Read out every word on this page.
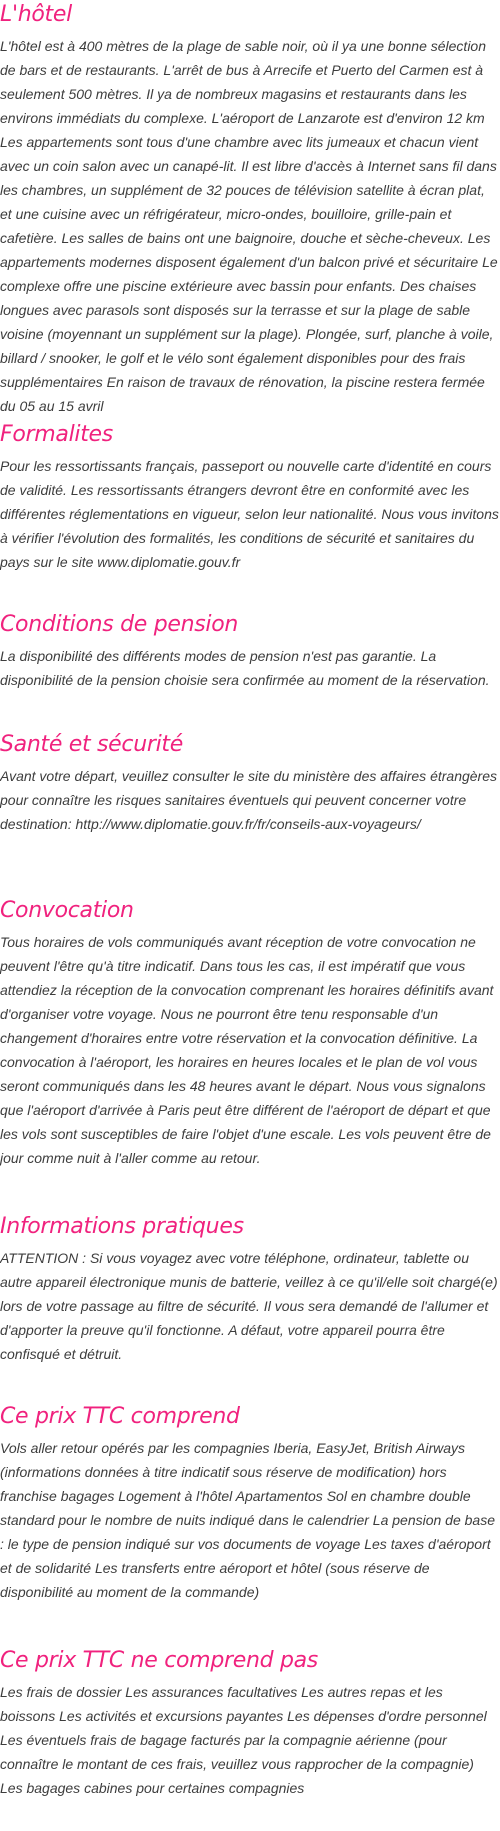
L'hôtel

L'hôtel est à 400 mètres de la plage de sable noir, où il ya une bonne sélection de bars et de restaurants. L'arrêt de bus à Arrecife et Puerto del Carmen est à seulement 500 mètres. Il ya de nombreux magasins et restaurants dans les environs immédiats du complexe. L'aéroport de Lanzarote est d'environ 12 km Les appartements sont tous d'une chambre avec lits jumeaux et chacun vient avec un coin salon avec un canapé-lit. Il est libre d'accès à Internet sans fil dans les chambres, un supplément de 32 pouces de télévision satellite à écran plat, et une cuisine avec un réfrigérateur, micro-ondes, bouilloire, grille-pain et cafetière. Les salles de bains ont une baignoire, douche et sèche-cheveux. Les appartements modernes disposent également d'un balcon privé et sécuritaire Le complexe offre une piscine extérieure avec bassin pour enfants. Des chaises longues avec parasols sont disposés sur la terrasse et sur la plage de sable voisine (moyennant un supplément sur la plage). Plongée, surf, planche à voile, billard / snooker, le golf et le vélo sont également disponibles pour des frais supplémentaires En raison de travaux de rénovation, la piscine restera fermée du 05 au 15 avril

Formalites

Pour les ressortissants français, passeport ou nouvelle carte d'identité en cours de validité. Les ressortissants étrangers devront être en conformité avec les différentes réglementations en vigueur, selon leur nationalité. Nous vous invitons à vérifier l'évolution des formalités, les conditions de sécurité et sanitaires du pays sur le site www.diplomatie.gouv.fr

Conditions de pension

La disponibilité des différents modes de pension n'est pas garantie. La disponibilité de la pension choisie sera confirmée au moment de la réservation.

Santé et sécurité

Avant votre départ, veuillez consulter le site du ministère des affaires étrangères pour connaître les risques sanitaires éventuels qui peuvent concerner votre destination: http://www.diplomatie.gouv.fr/fr/conseils-aux-voyageurs/

Convocation

Tous horaires de vols communiqués avant réception de votre convocation ne peuvent l'être qu'à titre indicatif. Dans tous les cas, il est impératif que vous attendiez la réception de la convocation comprenant les horaires définitifs avant d'organiser votre voyage. Nous ne pourront être tenu responsable d'un changement d'horaires entre votre réservation et la convocation définitive. La convocation à l'aéroport, les horaires en heures locales et le plan de vol vous seront communiqués dans les 48 heures avant le départ. Nous vous signalons que l'aéroport d'arrivée à Paris peut être différent de l'aéroport de départ et que les vols sont susceptibles de faire l'objet d'une escale. Les vols peuvent être de jour comme nuit à l'aller comme au retour.

Informations pratiques

ATTENTION : Si vous voyagez avec votre téléphone, ordinateur, tablette ou autre appareil électronique munis de batterie, veillez à ce qu'il/elle soit chargé(e) lors de votre passage au filtre de sécurité. Il vous sera demandé de l'allumer et d'apporter la preuve qu'il fonctionne. A défaut, votre appareil pourra être confisqué et détruit.

Ce prix TTC comprend

Vols aller retour opérés par les compagnies Iberia, EasyJet, British Airways (informations données à titre indicatif sous réserve de modification) hors franchise bagages Logement à l'hôtel Apartamentos Sol en chambre double standard pour le nombre de nuits indiqué dans le calendrier La pension de base : le type de pension indiqué sur vos documents de voyage Les taxes d'aéroport et de solidarité Les transferts entre aéroport et hôtel (sous réserve de disponibilité au moment de la commande)

Ce prix TTC ne comprend pas

Les frais de dossier Les assurances facultatives Les autres repas et les boissons Les activités et excursions payantes Les dépenses d'ordre personnel Les éventuels frais de bagage facturés par la compagnie aérienne (pour connaître le montant de ces frais, veuillez vous rapprocher de la compagnie) Les bagages cabines pour certaines compagnies
